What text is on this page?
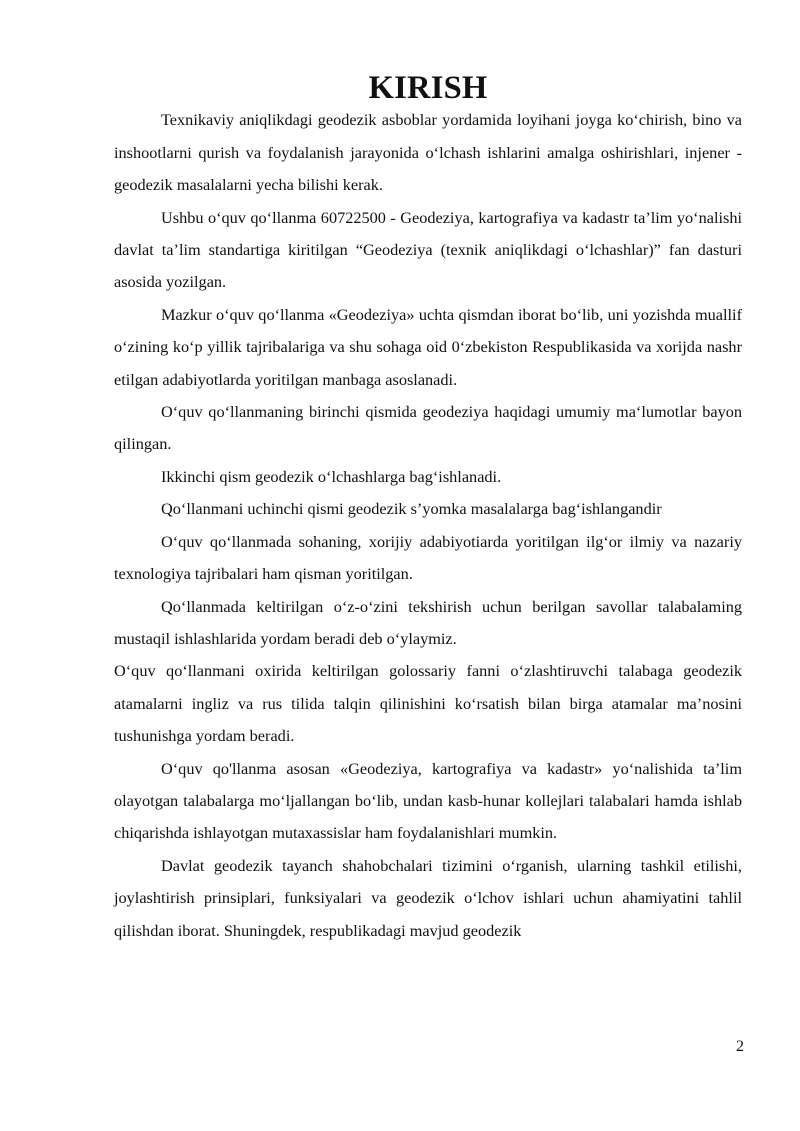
KIRISH

Texnikaviy aniqlikdagi geodezik asboblar yordamida loyihani joyga ko‘chirish, bino va inshootlarni qurish va foydalanish jarayonida o‘lchash ishlarini amalga oshirishlari, injener - geodezik masalalarni yecha bilishi kerak.

Ushbu o‘quv qo‘llanma 60722500 - Geodeziya, kartografiya va kadastr ta’lim yo‘nalishi davlat ta’lim standartiga kiritilgan “Geodeziya (texnik aniqlikdagi o‘lchashlar)” fan dasturi asosida yozilgan.

Mazkur o‘quv qo‘llanma «Geodeziya» uchta qismdan iborat bo‘lib, uni yozishda muallif o‘zining ko‘p yillik tajribalariga va shu sohaga oid 0‘zbekiston Respublikasida va xorijda nashr etilgan adabiyotlarda yoritilgan manbaga asoslanadi.

O‘quv qo‘llanmaning birinchi qismida geodeziya haqidagi umumiy ma‘lumotlar bayon qilingan.

Ikkinchi qism geodezik o‘lchashlarga bag‘ishlanadi.

Qo‘llanmani uchinchi qismi geodezik s’yomka masalalarga bag‘ishlangandir

O‘quv qo‘llanmada sohaning, xorijiy adabiyotiarda yoritilgan ilg‘or ilmiy va nazariy texnologiya tajribalari ham qisman yoritilgan.

Qo‘llanmada keltirilgan o‘z-o‘zini tekshirish uchun berilgan savollar talabalaming mustaqil ishlashlarida yordam beradi deb o‘ylaymiz.

O‘quv qo‘llanmani oxirida keltirilgan golossariy fanni o‘zlashtiruvchi talabaga geodezik atamalarni ingliz va rus tilida talqin qilinishini ko‘rsatish bilan birga atamalar ma’nosini tushunishga yordam beradi.

O‘quv qo'llanma asosan «Geodeziya, kartografiya va kadastr» yo‘nalishida ta’lim olayotgan talabalarga mo‘ljallangan bo‘lib, undan kasb-hunar kollejlari talabalari hamda ishlab chiqarishda ishlayotgan mutaxassislar ham foydalanishlari mumkin.

Davlat geodezik tayanch shahobchalari tizimini o‘rganish, ularning tashkil etilishi, joylashtirish prinsiplari, funksiyalari va geodezik o‘lchov ishlari uchun ahamiyatini tahlil qilishdan iborat. Shuningdek, respublikadagi mavjud geodezik

2
